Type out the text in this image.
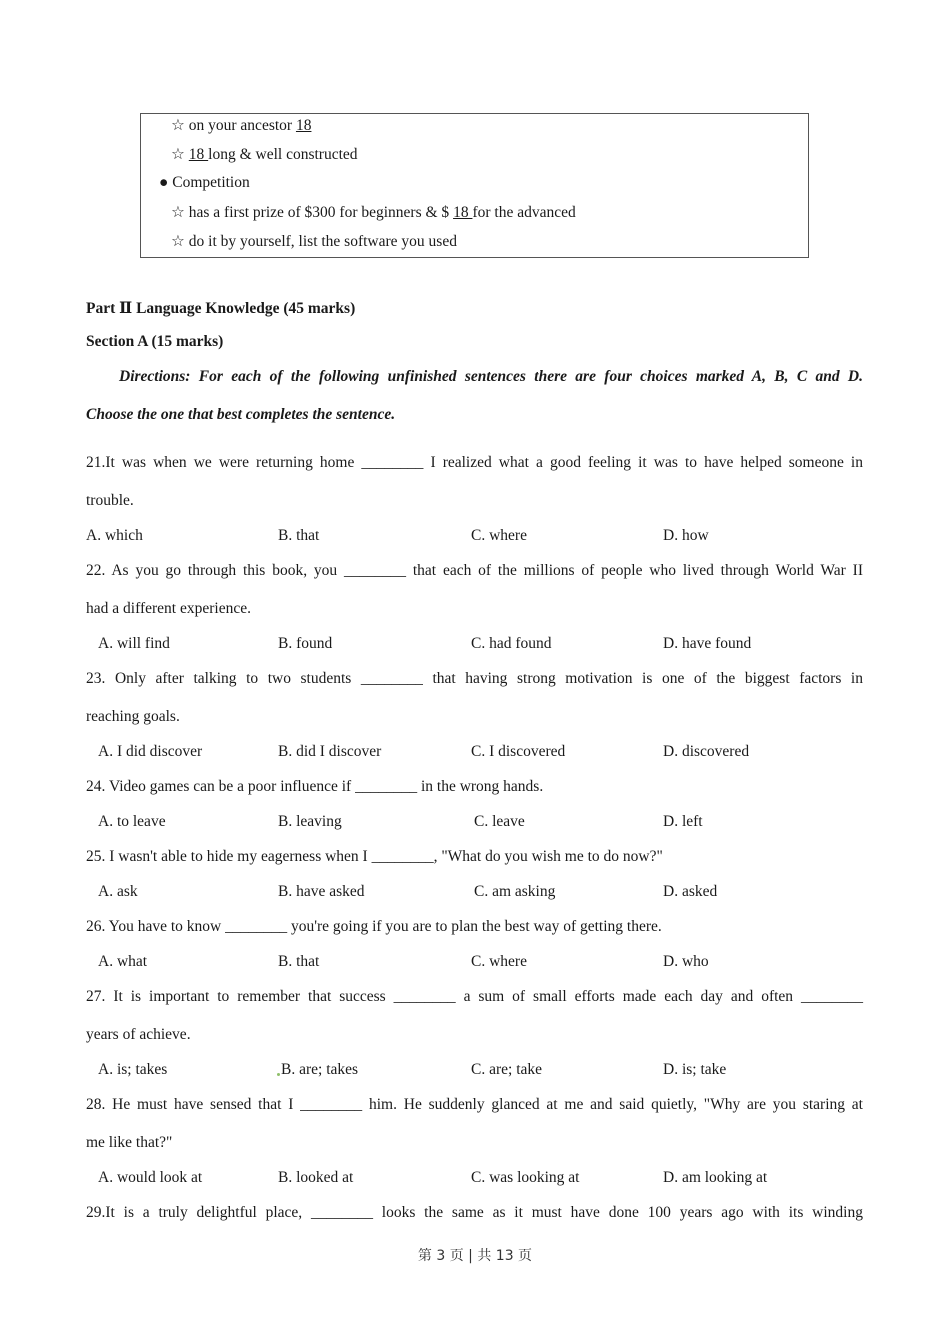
☆ on your ancestor 18
☆ 18 long & well constructed
● Competition
☆ has a first prize of $300 for beginners & $ 18 for the advanced
☆ do it by yourself, list the software you used
Part Ⅱ Language Knowledge (45 marks)
Section A (15 marks)
Directions: For each of the following unfinished sentences there are four choices marked A, B, C and D.
Choose the one that best completes the sentence.
21.It was when we were returning home ________ I realized what a good feeling it was to have helped someone in
trouble.
A. which	B. that	C. where	D. how
22. As you go through this book, you ________ that each of the millions of people who lived through World War II
had a different experience.
A. will find	B. found	C. had found	D. have found
23. Only after talking to two students ________ that having strong motivation is one of the biggest factors in
reaching goals.
A. I did discover	B. did I discover	C. I discovered	D. discovered
24. Video games can be a poor influence if ________ in the wrong hands.
A. to leave	B. leaving	C. leave	D. left
25. I wasn't able to hide my eagerness when I ________, "What do you wish me to do now?"
A. ask	B. have asked	C. am asking	D. asked
26. You have to know ________ you're going if you are to plan the best way of getting there.
A. what	B. that	C. where	D. who
27. It is important to remember that success ________ a sum of small efforts made each day and often ________
years of achieve.
A. is; takes	B. are; takes	C. are; take	D. is; take
28. He must have sensed that I ________ him. He suddenly glanced at me and said quietly, "Why are you staring at
me like that?"
A. would look at	B. looked at	C. was looking at	D. am looking at
29.It is a truly delightful place, ________ looks the same as it must have done 100 years ago with its winding
第 3 页 | 共 13 页
